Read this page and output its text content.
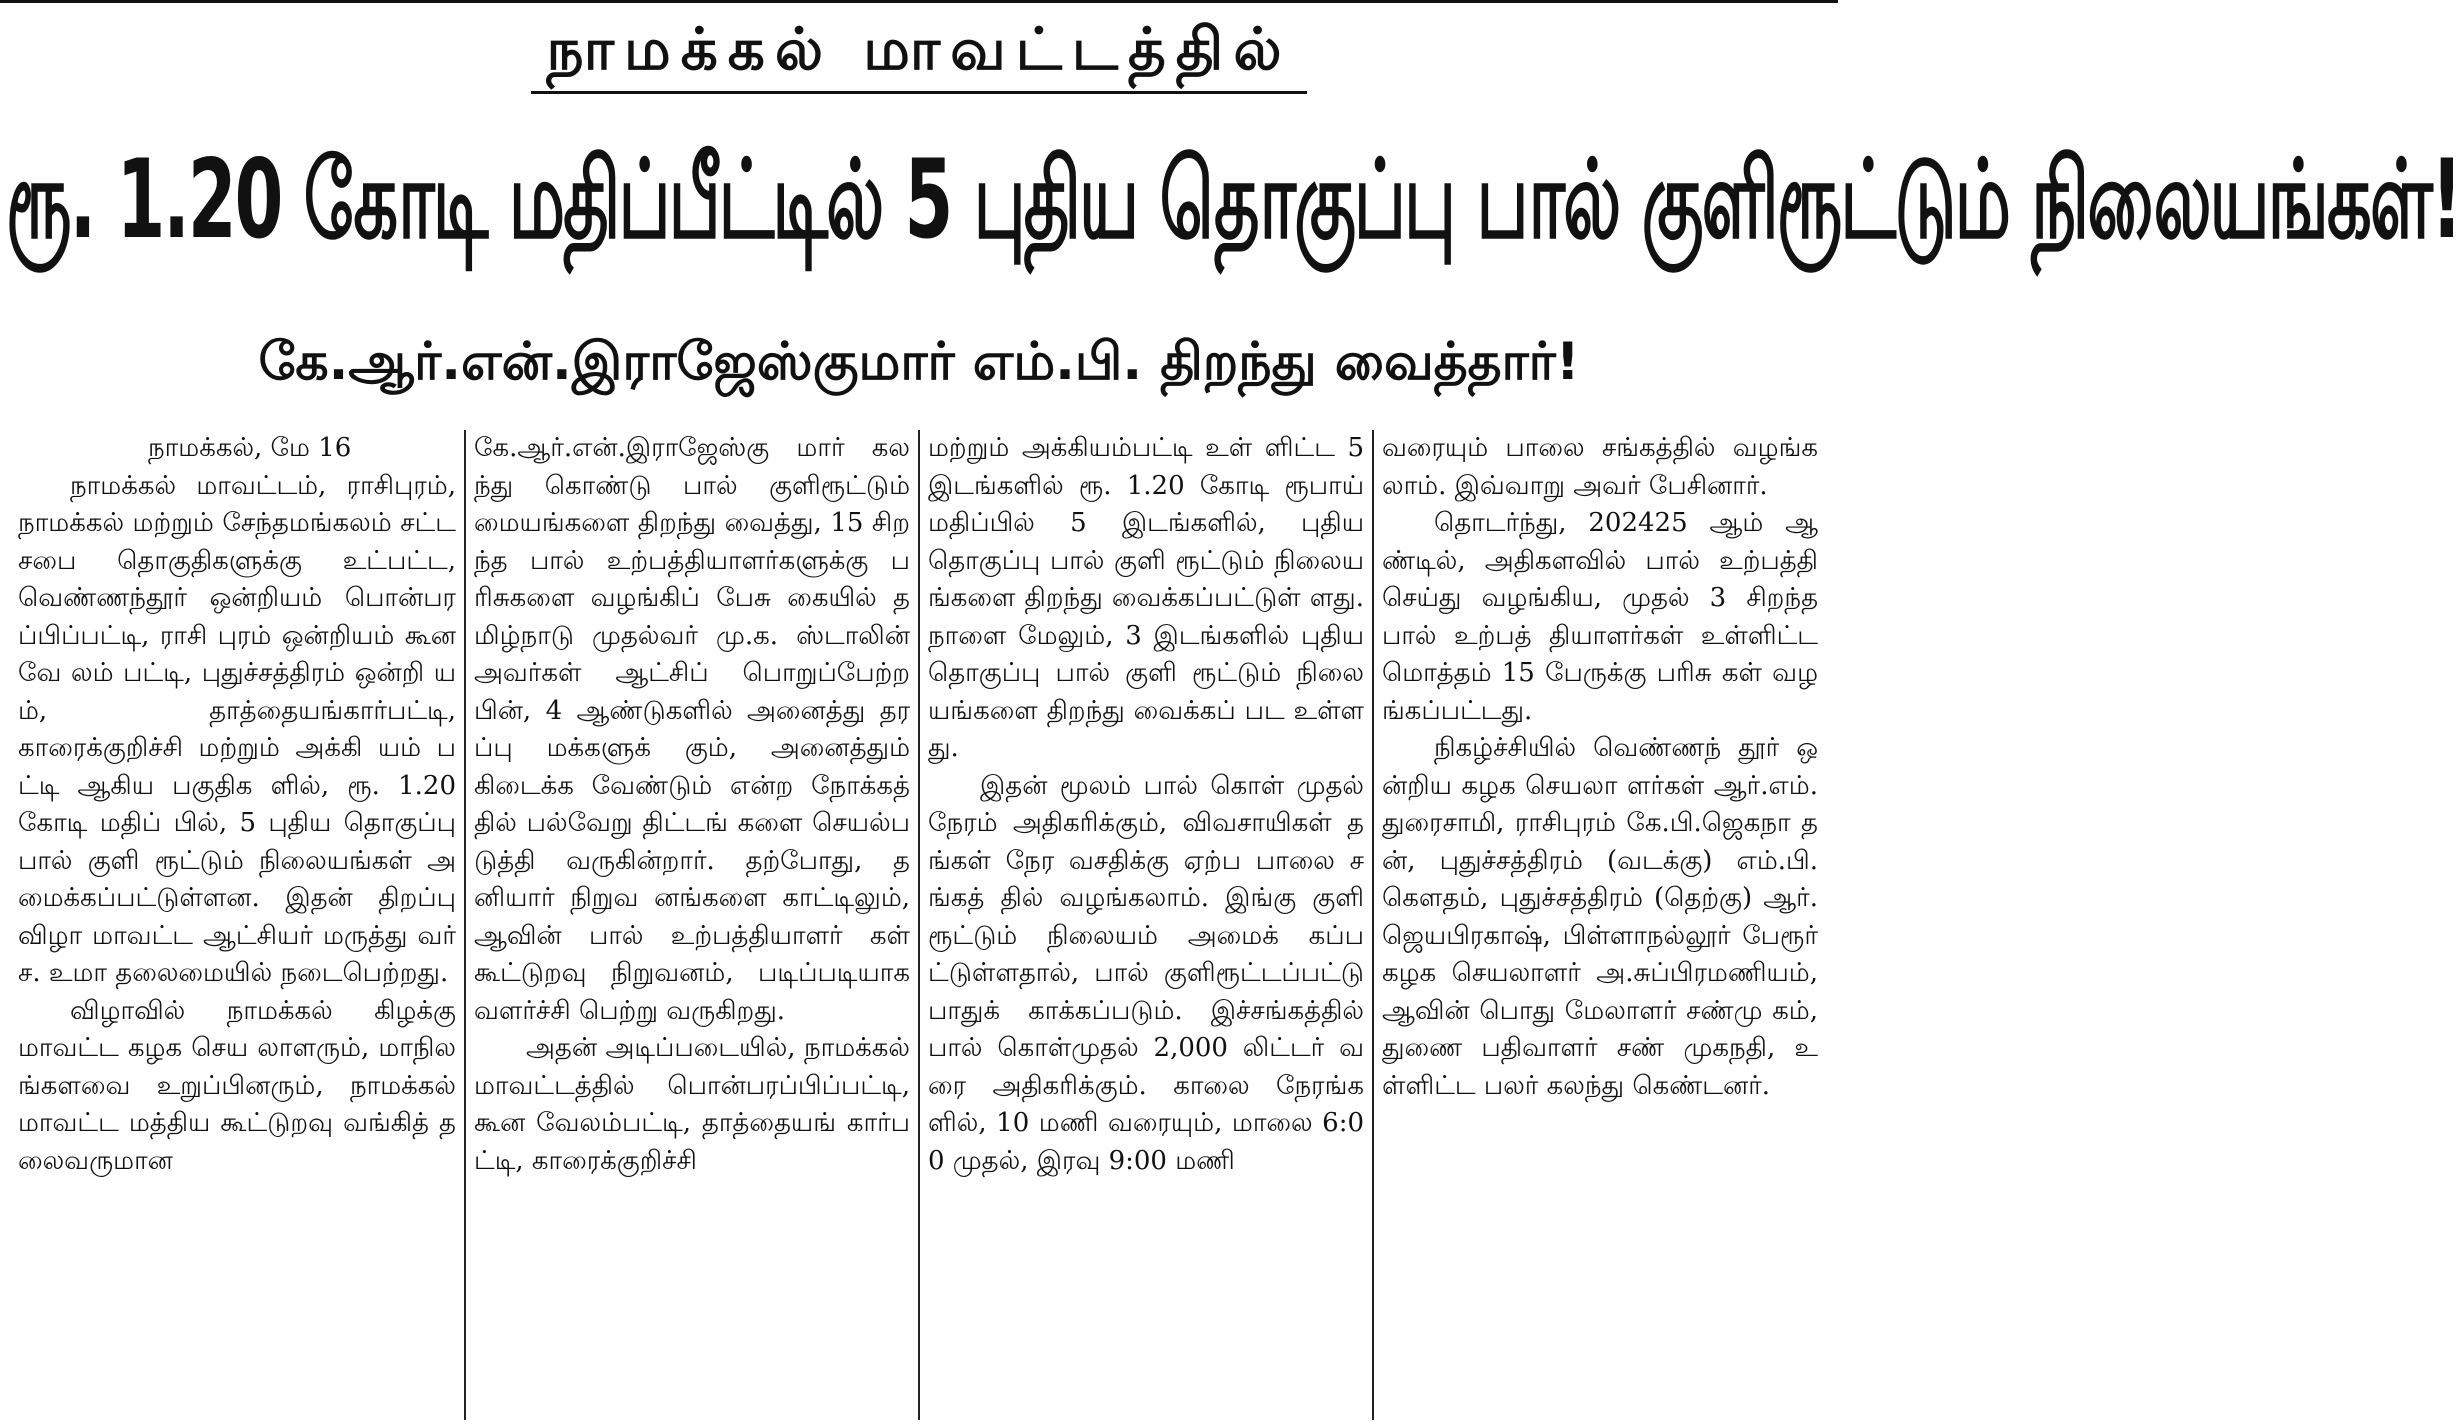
நாமக்கல் மாவட்டத்தில்
ரூ. 1.20 கோடி மதிப்பீட்டில் 5 புதிய தொகுப்பு பால் குளிரூட்டும் நிலையங்கள்!
கே.ஆர்.என்.இராஜேஸ்குமார் எம்.பி. திறந்து வைத்தார்!

நாமக்கல், மே 16

நாமக்கல் மாவட்டம், ராசிபுரம், நாமக்கல் மற்றும் சேந்தமங்கலம் சட்டசபை தொகுதிகளுக்கு உட்பட்ட, வெண்ணந்தூர் ஒன்றியம் பொன்பரப்பிப்பட்டி, ராசி புரம் ஒன்றியம் கூனவே லம் பட்டி, புதுச்சத்திரம் ஒன்றி யம், தாத்தையங்கார்பட்டி, காரைக்குறிச்சி மற்றும் அக்கி யம் பட்டி ஆகிய பகுதிக ளில், ரூ. 1.20 கோடி மதிப் பில், 5 புதிய தொகுப்பு பால் குளி ரூட்டும் நிலையங்கள் அமைக்கப்பட்டுள்ளன. இதன் திறப்பு விழா மாவட்ட ஆட்சியர் மருத்து வர் ச. உமா தலைமையில் நடைபெற்றது.

விழாவில் நாமக்கல் கிழக்கு மாவட்ட கழக செய லாளரும், மாநிலங்களவை உறுப்பினரும், நாமக்கல் மாவட்ட மத்திய கூட்டுறவு வங்கித் தலைவருமான

கே.ஆர்.என்.இராஜேஸ்கு மார் கலந்து கொண்டு பால் குளிரூட்டும் மையங்களை திறந்து வைத்து, 15 சிறந்த பால் உற்பத்தியாளர்களுக்கு பரிசுகளை வழங்கிப் பேசு கையில் தமிழ்நாடு முதல்வர் மு.க. ஸ்டாலின் அவர்கள் ஆட்சிப் பொறுப்பேற்ற பின், 4 ஆண்டுகளில் அனைத்து தரப்பு மக்களுக் கும், அனைத்தும் கிடைக்க வேண்டும் என்ற நோக்கத் தில் பல்வேறு திட்டங் களை செயல்படுத்தி வருகின்றார். தற்போது, தனியார் நிறுவ னங்களை காட்டிலும், ஆவின் பால் உற்பத்தியாளர் கள் கூட்டுறவு நிறுவனம், படிப்படியாக வளர்ச்சி பெற்று வருகிறது.

அதன் அடிப்படையில், நாமக்கல் மாவட்டத்தில் பொன்பரப்பிப்பட்டி, கூன வேலம்பட்டி, தாத்தையங் கார்பட்டி, காரைக்குறிச்சி

மற்றும் அக்கியம்பட்டி உள் ளிட்ட 5 இடங்களில் ரூ. 1.20 கோடி ரூபாய் மதிப்பில் 5 இடங்களில், புதிய தொகுப்பு பால் குளி ரூட்டும் நிலையங்களை திறந்து வைக்கப்பட்டுள் ளது. நாளை மேலும், 3 இடங்களில் புதிய தொகுப்பு பால் குளி ரூட்டும் நிலை யங்களை திறந்து வைக்கப் பட உள்ளது.

இதன் மூலம் பால் கொள் முதல் நேரம் அதிகரிக்கும், விவசாயிகள் தங்கள் நேர வசதிக்கு ஏற்ப பாலை சங்கத் தில் வழங்கலாம். இங்கு குளி ரூட்டும் நிலையம் அமைக் கப்பட்டுள்ளதால், பால் குளிரூட்டப்பட்டு பாதுக் காக்கப்படும். இச்சங்கத்தில் பால் கொள்முதல் 2,000 லிட்டர் வரை அதிகரிக்கும். காலை நேரங்களில், 10 மணி வரையும், மாலை 6:00 முதல், இரவு 9:00 மணி

வரையும் பாலை சங்கத்தில் வழங்கலாம். இவ்வாறு அவர் பேசினார்.

தொடர்ந்து, 202425 ஆம் ஆண்டில், அதிகளவில் பால் உற்பத்தி செய்து வழங்கிய, முதல் 3 சிறந்த பால் உற்பத் தியாளர்கள் உள்ளிட்ட மொத்தம் 15 பேருக்கு பரிசு கள் வழங்கப்பட்டது.

நிகழ்ச்சியில் வெண்ணந் தூர் ஒன்றிய கழக செயலா ளர்கள் ஆர்.எம்.துரைசாமி, ராசிபுரம் கே.பி.ஜெகநா தன், புதுச்சத்திரம் (வடக்கு) எம்.பி.கௌதம், புதுச்சத்திரம் (தெற்கு) ஆர். ஜெயபிரகாஷ், பிள்ளாநல்லூர் பேரூர் கழக செயலாளர் அ.சுப்பிரமணியம், ஆவின் பொது மேலாளர் சண்மு கம், துணை பதிவாளர் சண் முகநதி, உள்ளிட்ட பலர் கலந்து கெண்டனர்.
